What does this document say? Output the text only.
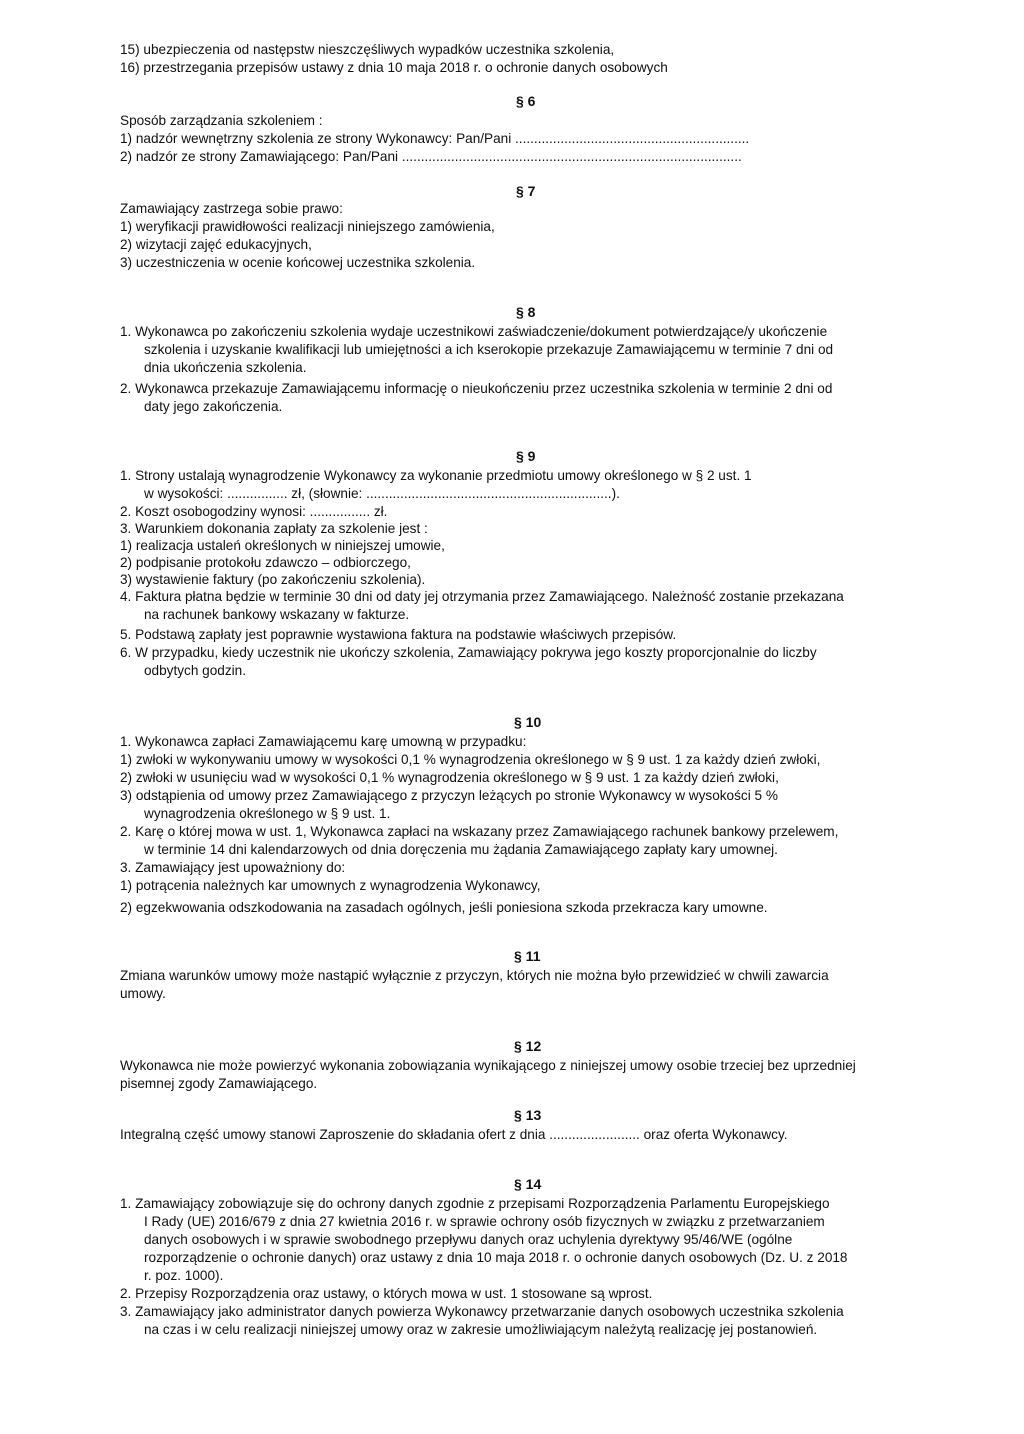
15) ubezpieczenia od następstw nieszczęśliwych wypadków uczestnika szkolenia,
16) przestrzegania przepisów ustawy z dnia 10 maja 2018 r. o ochronie danych osobowych
§ 6
Sposób zarządzania szkoleniem :
1) nadzór wewnętrzny szkolenia ze strony Wykonawcy: Pan/Pani ..............................................................
2) nadzór ze strony Zamawiającego: Pan/Pani ..........................................................................................
§ 7
Zamawiający zastrzega sobie prawo:
1) weryfikacji prawidłowości realizacji niniejszego zamówienia,
2) wizytacji zajęć edukacyjnych,
3) uczestniczenia w ocenie końcowej uczestnika szkolenia.
§ 8
1. Wykonawca po zakończeniu szkolenia wydaje uczestnikowi zaświadczenie/dokument potwierdzające/y ukończenie
szkolenia i uzyskanie kwalifikacji lub umiejętności a ich kserokopie przekazuje Zamawiającemu w terminie 7 dni od
dnia ukończenia szkolenia.
2. Wykonawca przekazuje Zamawiającemu informację o nieukończeniu przez uczestnika szkolenia w terminie 2 dni od
daty jego zakończenia.
§ 9
1. Strony ustalają wynagrodzenie Wykonawcy za wykonanie przedmiotu umowy określonego w § 2 ust. 1
w wysokości: ................ zł, (słownie: .................................................................).
2. Koszt osobogodziny wynosi: ................ zł.
3. Warunkiem dokonania zapłaty za szkolenie jest :
1) realizacja ustaleń określonych w niniejszej umowie,
2) podpisanie protokołu zdawczo – odbiorczego,
3) wystawienie faktury (po zakończeniu szkolenia).
4. Faktura płatna będzie w terminie 30 dni od daty jej otrzymania przez Zamawiającego. Należność zostanie przekazana
na rachunek bankowy wskazany w fakturze.
5. Podstawą zapłaty jest poprawnie wystawiona faktura na podstawie właściwych przepisów.
6. W przypadku, kiedy uczestnik nie ukończy szkolenia, Zamawiający pokrywa jego koszty proporcjonalnie do liczby
odbytych godzin.
§ 10
1. Wykonawca zapłaci Zamawiającemu karę umowną w przypadku:
1) zwłoki w wykonywaniu umowy w wysokości 0,1 % wynagrodzenia określonego w § 9 ust. 1 za każdy dzień zwłoki,
2) zwłoki w usunięciu wad w wysokości 0,1 % wynagrodzenia określonego w § 9 ust. 1 za każdy dzień zwłoki,
3) odstąpienia od umowy przez Zamawiającego z przyczyn leżących po stronie Wykonawcy w wysokości 5 %
wynagrodzenia określonego w § 9 ust. 1.
2. Karę o której mowa w ust. 1, Wykonawca zapłaci na wskazany przez Zamawiającego rachunek bankowy przelewem,
w terminie 14 dni kalendarzowych od dnia doręczenia mu żądania Zamawiającego zapłaty kary umownej.
3. Zamawiający jest upoważniony do:
1) potrącenia należnych kar umownych z wynagrodzenia Wykonawcy,
2) egzekwowania odszkodowania na zasadach ogólnych, jeśli poniesiona szkoda przekracza kary umowne.
§ 11
Zmiana warunków umowy może nastąpić wyłącznie z przyczyn, których nie można było przewidzieć w chwili zawarcia
umowy.
§ 12
Wykonawca nie może powierzyć wykonania zobowiązania wynikającego z niniejszej umowy osobie trzeciej bez uprzedniej
pisemnej zgody Zamawiającego.
§ 13
Integralną część umowy stanowi Zaproszenie do składania ofert z dnia ........................ oraz oferta Wykonawcy.
§ 14
1. Zamawiający zobowiązuje się do ochrony danych zgodnie z przepisami Rozporządzenia Parlamentu Europejskiego
I Rady (UE) 2016/679 z dnia 27 kwietnia 2016 r. w sprawie ochrony osób fizycznych w związku z przetwarzaniem
danych osobowych i w sprawie swobodnego przepływu danych oraz uchylenia dyrektywy 95/46/WE (ogólne
rozporządzenie o ochronie danych) oraz ustawy z dnia 10 maja 2018 r. o ochronie danych osobowych (Dz. U. z 2018
r. poz. 1000).
2. Przepisy Rozporządzenia oraz ustawy, o których mowa w ust. 1 stosowane są wprost.
3. Zamawiający jako administrator danych powierza Wykonawcy przetwarzanie danych osobowych uczestnika szkolenia
na czas i w celu realizacji niniejszej umowy oraz w zakresie umożliwiającym należytą realizację jej postanowień.
